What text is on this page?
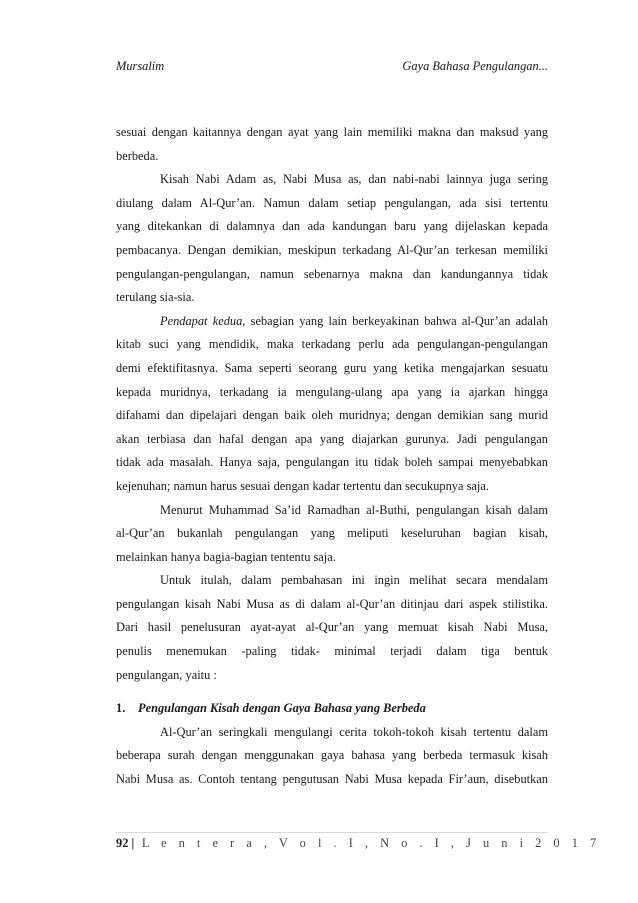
Mursalim	Gaya Bahasa Pengulangan...
sesuai dengan kaitannya dengan ayat yang lain memiliki makna dan maksud yang
berbeda.
Kisah Nabi Adam as, Nabi Musa as, dan nabi-nabi lainnya juga sering
diulang dalam Al-Qur’an. Namun dalam setiap pengulangan, ada sisi tertentu
yang ditekankan di dalamnya dan ada kandungan baru yang dijelaskan kepada
pembacanya. Dengan demikian, meskipun terkadang Al-Qur’an terkesan memiliki
pengulangan-pengulangan, namun sebenarnya makna dan kandungannya tidak
terulang sia-sia.
Pendapat kedua, sebagian yang lain berkeyakinan bahwa al-Qur’an adalah
kitab suci yang mendidik, maka terkadang perlu ada pengulangan-pengulangan
demi efektifitasnya. Sama seperti seorang guru yang ketika mengajarkan sesuatu
kepada muridnya, terkadang ia mengulang-ulang apa yang ia ajarkan hingga
difahami dan dipelajari dengan baik oleh muridnya; dengan demikian sang murid
akan terbiasa dan hafal dengan apa yang diajarkan gurunya. Jadi pengulangan
tidak ada masalah. Hanya saja, pengulangan itu tidak boleh sampai menyebabkan
kejenuhan; namun harus sesuai dengan kadar tertentu dan secukupnya saja.
Menurut Muhammad Sa’id Ramadhan al-Buthi, pengulangan kisah dalam
al-Qur’an bukanlah pengulangan yang meliputi keseluruhan bagian kisah,
melainkan hanya bagia-bagian tententu saja.
Untuk itulah, dalam pembahasan ini ingin melihat secara mendalam
pengulangan kisah Nabi Musa as di dalam al-Qur’an ditinjau dari aspek stilistika.
Dari hasil penelusuran ayat-ayat al-Qur’an yang memuat kisah Nabi Musa,
penulis menemukan -paling tidak- minimal terjadi dalam tiga bentuk
pengulangan, yaitu :
1. Pengulangan Kisah dengan Gaya Bahasa yang Berbeda
Al-Qur’an seringkali mengulangi cerita tokoh-tokoh kisah tertentu dalam
beberapa surah dengan menggunakan gaya bahasa yang berbeda termasuk kisah
Nabi Musa as. Contoh tentang pengutusan Nabi Musa kepada Fir’aun, disebutkan
92 | L e n t e r a , V o l . I , N o . I , J u n i 2 0 1 7
